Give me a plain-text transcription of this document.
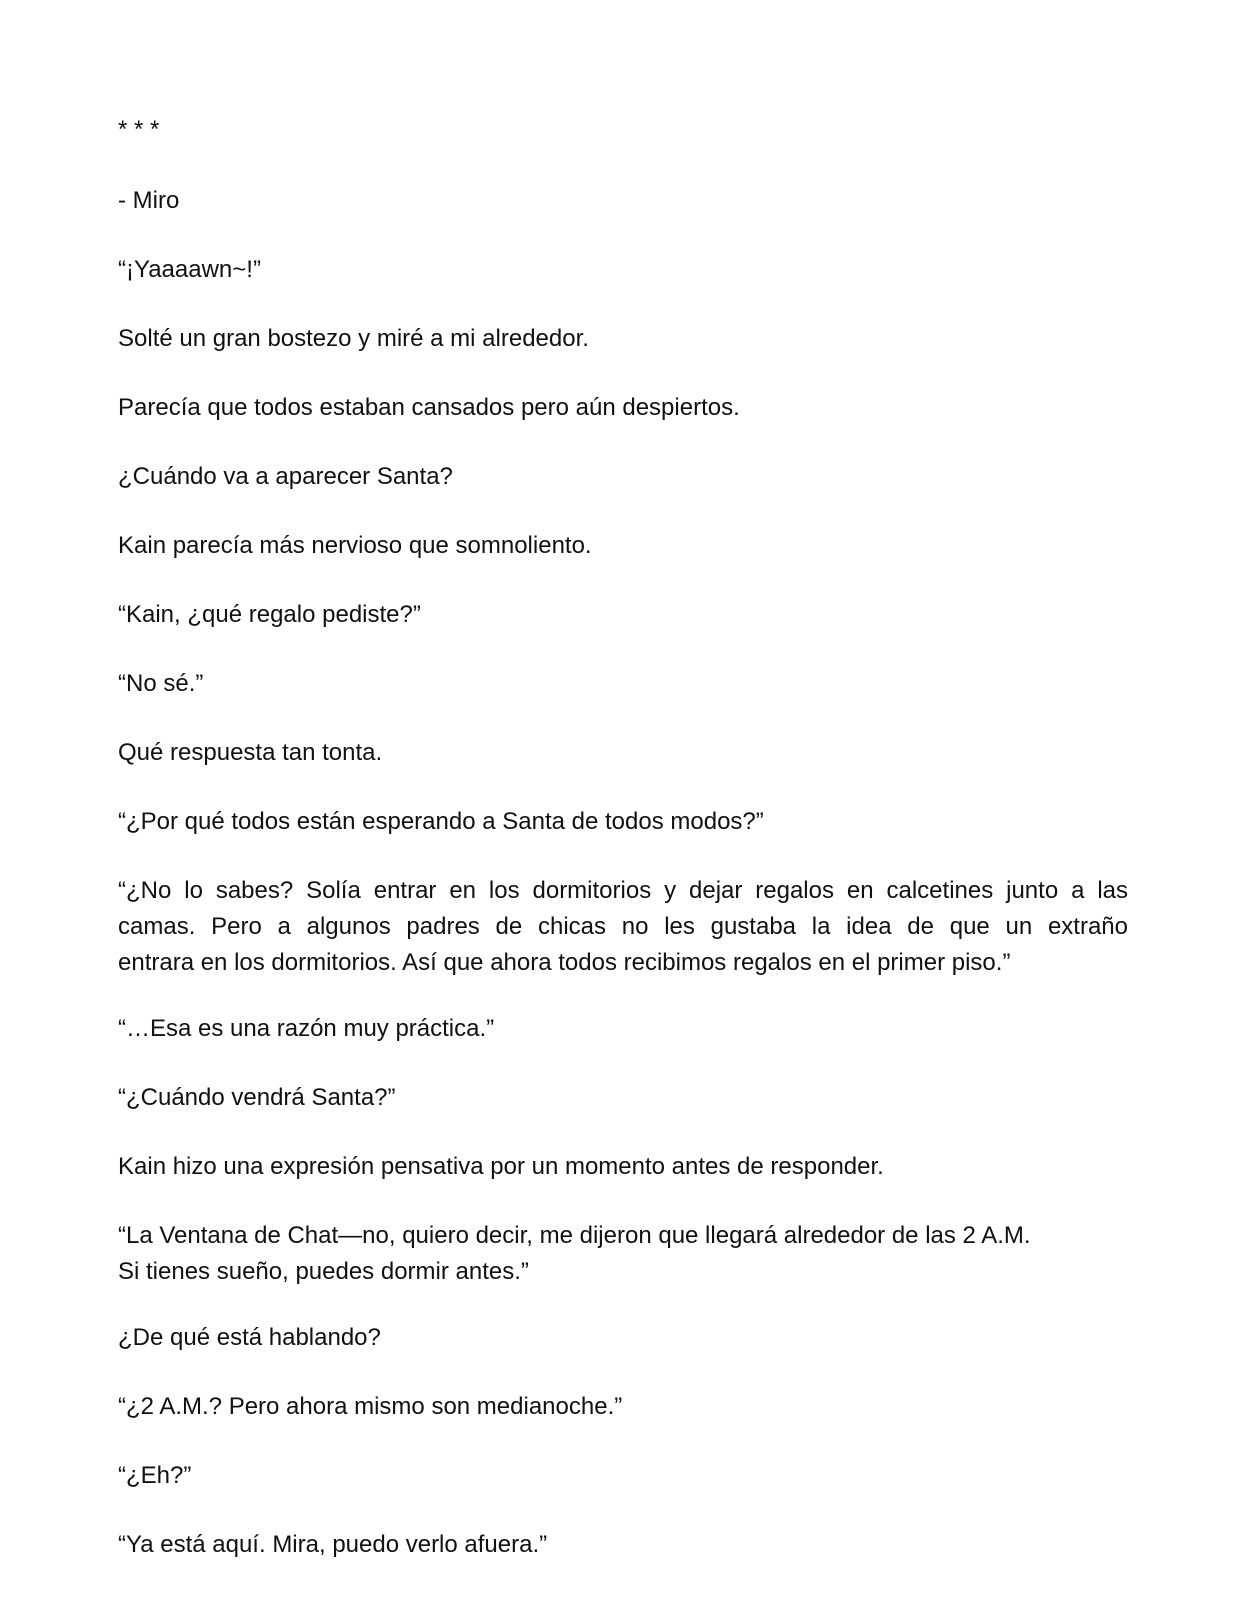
* * *

- Miro

“¡Yaaaawn~!”

Solté un gran bostezo y miré a mi alrededor.

Parecía que todos estaban cansados pero aún despiertos.

¿Cuándo va a aparecer Santa?

Kain parecía más nervioso que somnoliento.

“Kain, ¿qué regalo pediste?”

“No sé.”

Qué respuesta tan tonta.

“¿Por qué todos están esperando a Santa de todos modos?”

“¿No lo sabes? Solía entrar en los dormitorios y dejar regalos en calcetines junto a las
camas. Pero a algunos padres de chicas no les gustaba la idea de que un extraño
entrara en los dormitorios. Así que ahora todos recibimos regalos en el primer piso.”

“…Esa es una razón muy práctica.”

“¿Cuándo vendrá Santa?”

Kain hizo una expresión pensativa por un momento antes de responder.

“La Ventana de Chat—no, quiero decir, me dijeron que llegará alrededor de las 2 A.M.
Si tienes sueño, puedes dormir antes.”

¿De qué está hablando?

“¿2 A.M.? Pero ahora mismo son medianoche.”

“¿Eh?”

“Ya está aquí. Mira, puedo verlo afuera.”
